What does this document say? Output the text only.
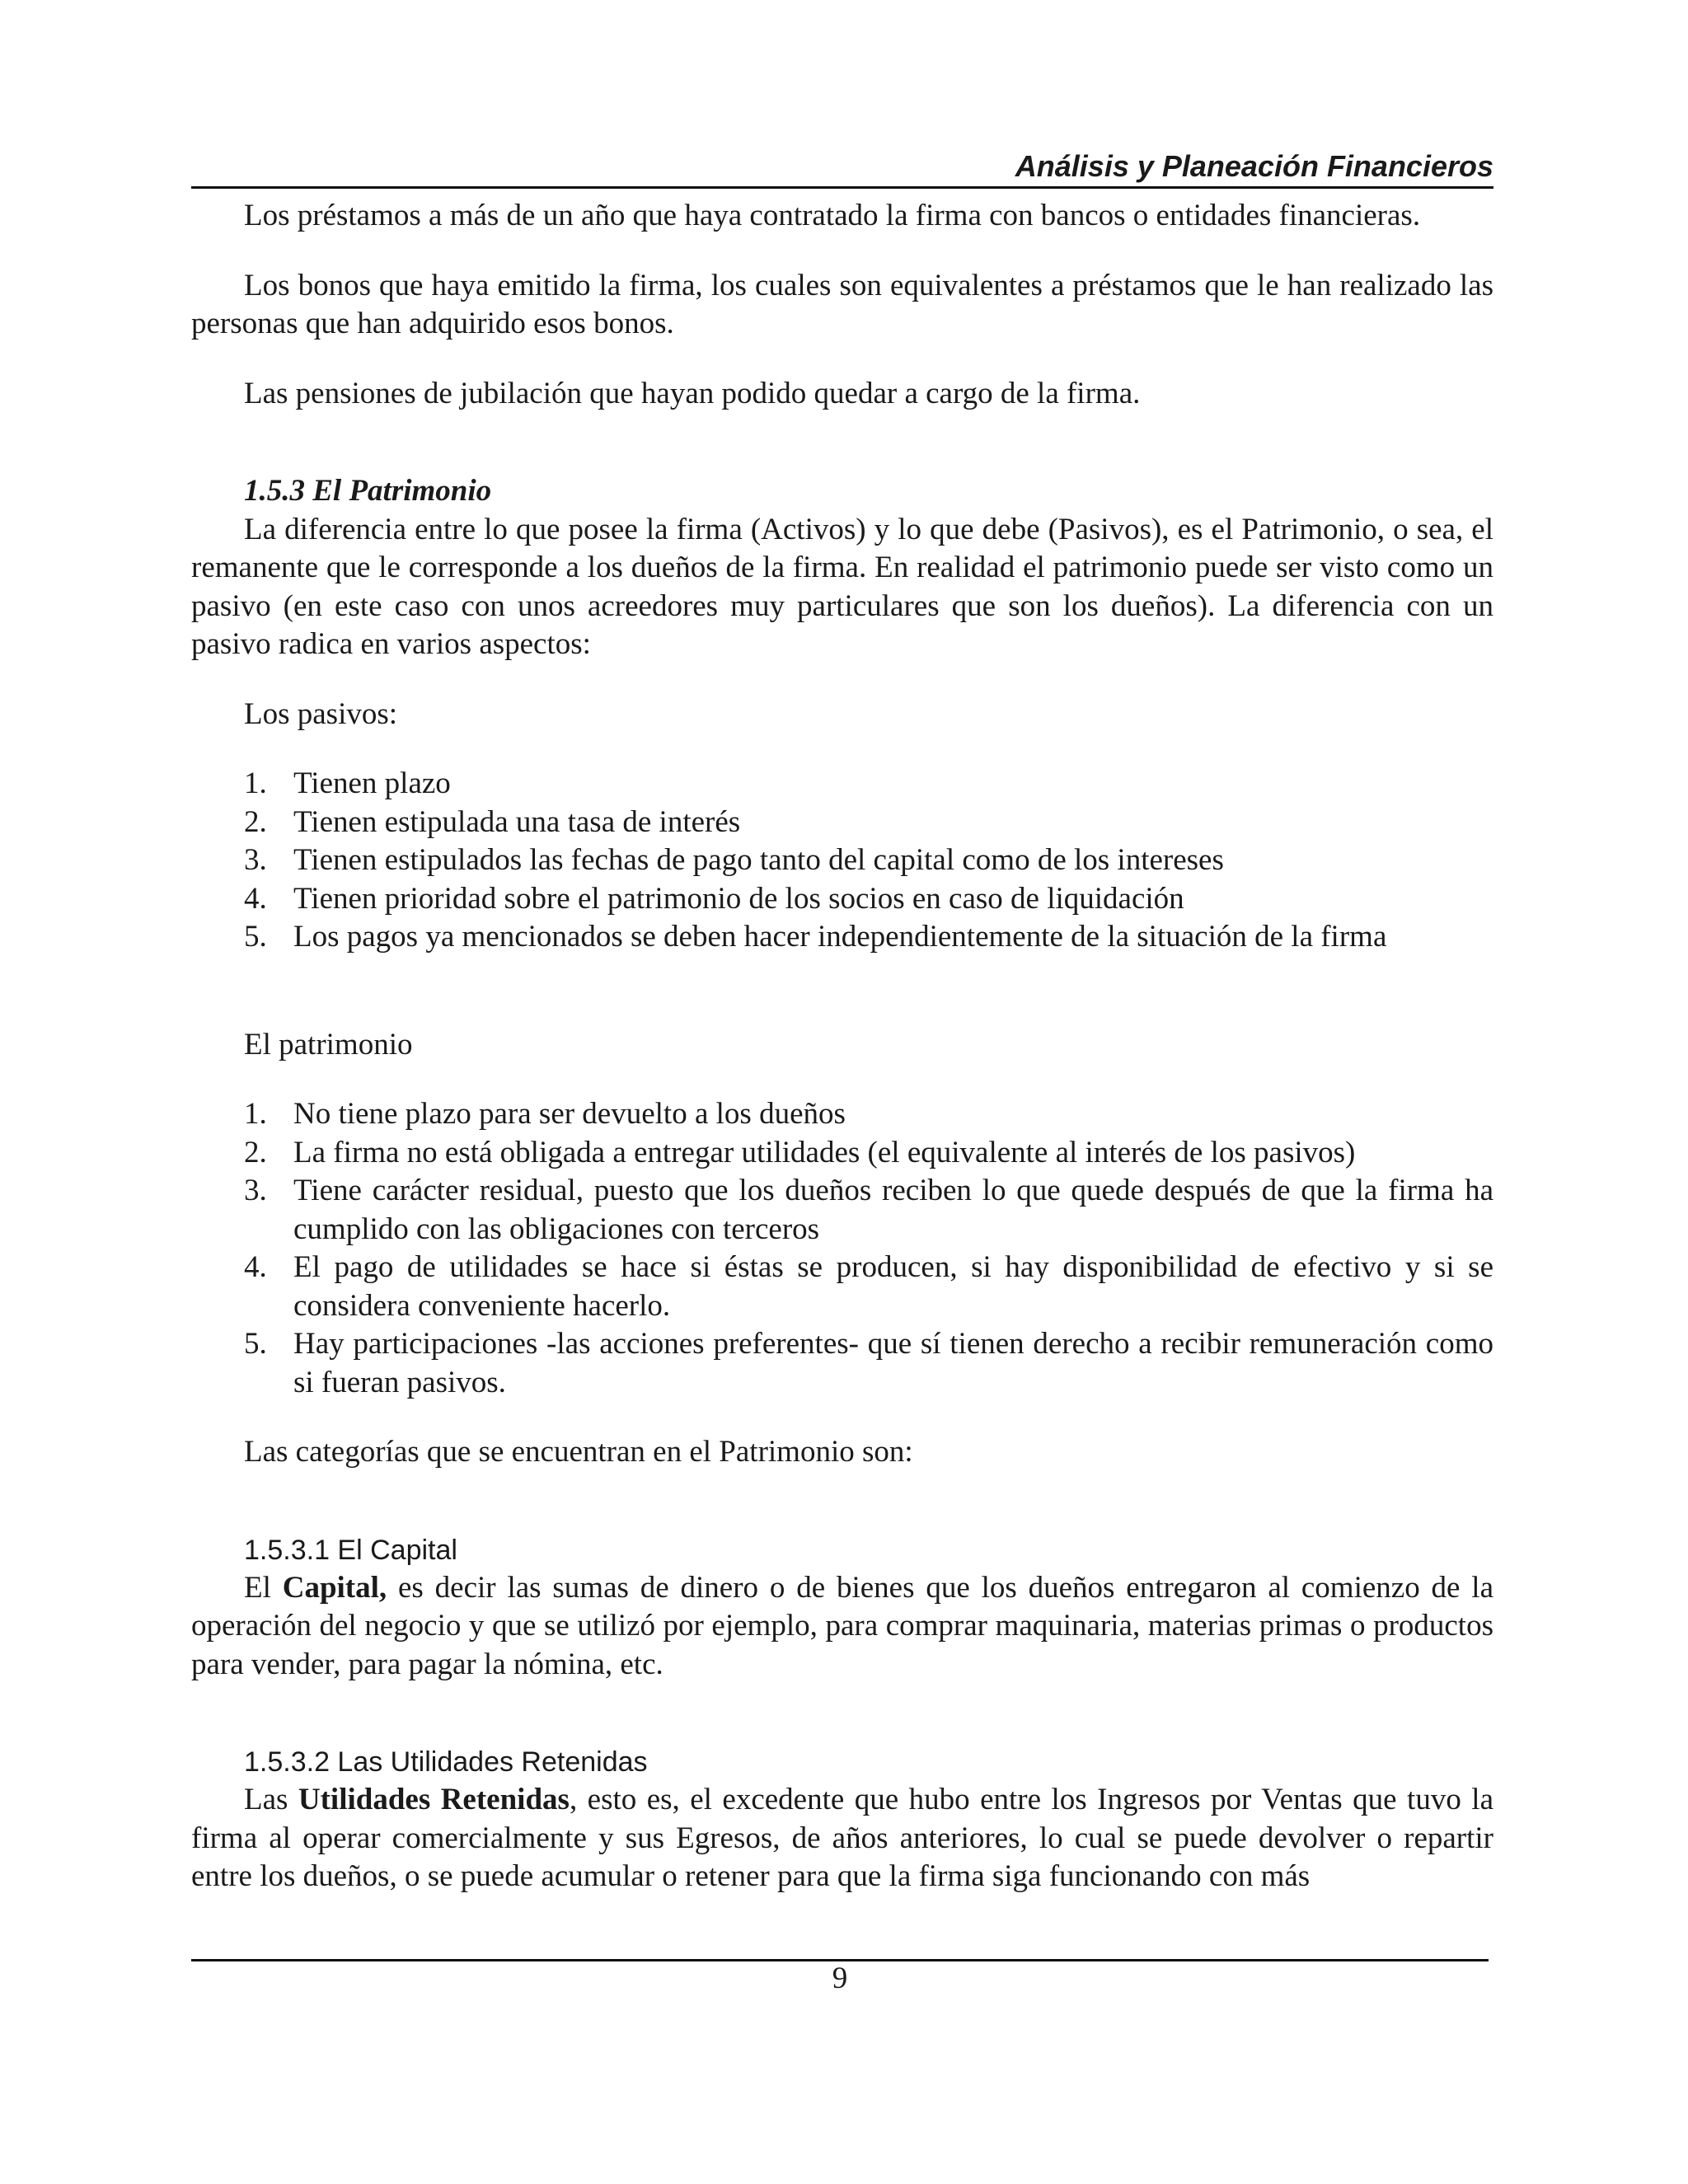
Análisis y Planeación Financieros

Los préstamos a más de un año que haya contratado la firma con bancos o entidades financieras.

Los bonos que haya emitido la firma, los cuales son equivalentes a préstamos que le han realizado las personas que han adquirido esos bonos.

Las pensiones de jubilación que hayan podido quedar a cargo de la firma.

1.5.3 El Patrimonio

La diferencia entre lo que posee la firma (Activos) y lo que debe (Pasivos), es el Patrimonio, o sea, el remanente que le corresponde a los dueños de la firma. En realidad el patrimonio puede ser visto como un pasivo (en este caso con unos acreedores muy particulares que son los dueños). La diferencia con un pasivo radica en varios aspectos:

Los pasivos:

1. Tienen plazo
2. Tienen estipulada una tasa de interés
3. Tienen estipulados las fechas de pago tanto del capital como de los intereses
4. Tienen prioridad sobre el patrimonio de los socios en caso de liquidación
5. Los pagos ya mencionados se deben hacer independientemente de la situación de la firma

El patrimonio

1. No tiene plazo para ser devuelto a los dueños
2. La firma no está obligada a entregar utilidades (el equivalente al interés de los pasivos)
3. Tiene carácter residual, puesto que los dueños reciben lo que quede después de que la firma ha cumplido con las obligaciones con terceros
4. El pago de utilidades se hace si éstas se producen, si hay disponibilidad de efectivo y si se considera conveniente hacerlo.
5. Hay participaciones -las acciones preferentes- que sí tienen derecho a recibir remuneración como si fueran pasivos.

Las categorías que se encuentran en el Patrimonio son:

1.5.3.1 El Capital

El Capital, es decir las sumas de dinero o de bienes que los dueños entregaron al comienzo de la operación del negocio y que se utilizó por ejemplo, para comprar maquinaria, materias primas o productos para vender, para pagar la nómina, etc.

1.5.3.2 Las Utilidades Retenidas

Las Utilidades Retenidas, esto es, el excedente que hubo entre los Ingresos por Ventas que tuvo la firma al operar comercialmente y sus Egresos, de años anteriores, lo cual se puede devolver o repartir entre los dueños, o se puede acumular o retener para que la firma siga funcionando con más

9
